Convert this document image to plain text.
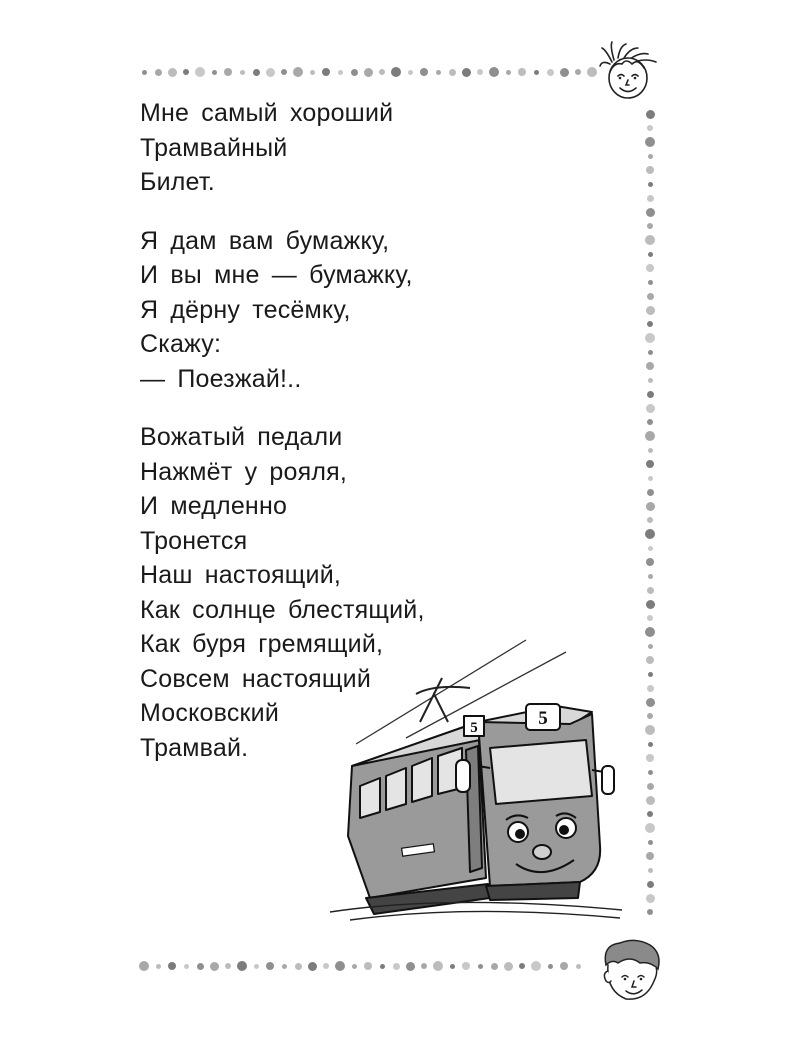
Мне самый хороший
Трамвайный
Билет.
Я дам вам бумажку,
И вы мне — бумажку,
Я дёрну тесёмку,
Скажу:
— Поезжай!..
Вожатый педали
Нажмёт у рояля,
И медленно
Тронется
Наш настоящий,
Как солнце блестящий,
Как буря гремящий,
Совсем настоящий
Московский
Трамвай.
5	5
